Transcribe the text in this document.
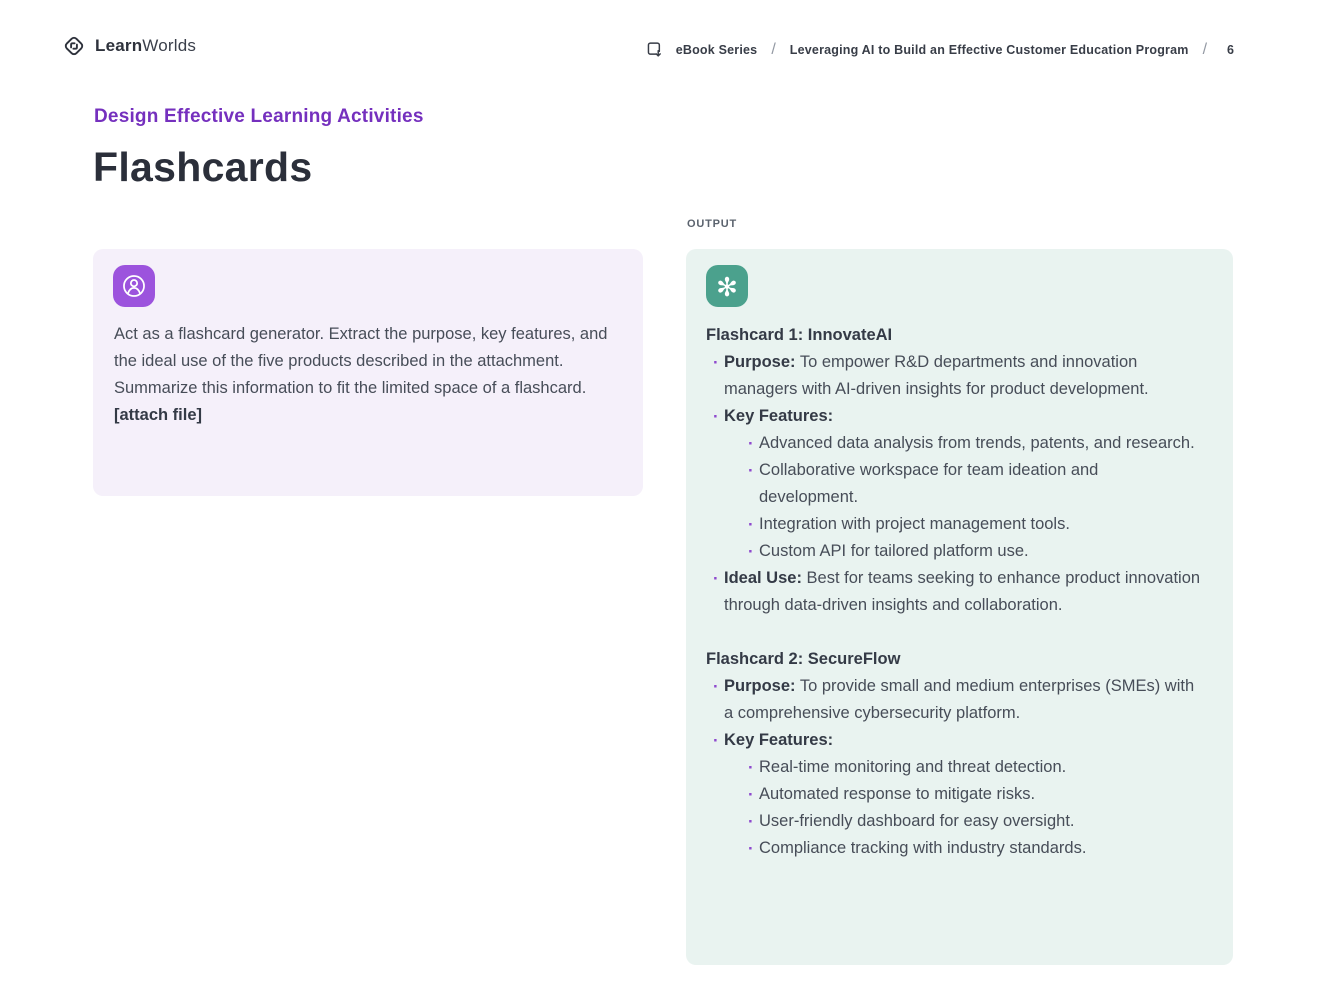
LearnWorlds	eBook Series /	Leveraging AI to Build an Effective Customer Education Program /	6
Design Effective Learning Activities
Flashcards

Act as a flashcard generator. Extract the purpose, key features, and the ideal use of the five products described in the attachment. Summarize this information to fit the limited space of a flashcard. [attach file]

OUTPUT
✻
Flashcard 1: InnovateAI
· Purpose: To empower R&D departments and innovation managers with AI-driven insights for product development.

· Key Features:

· Advanced data analysis from trends, patents, and research.

· Collaborative workspace for team ideation and development.

· Integration with project management tools.

· Custom API for tailored platform use.

· Ideal Use: Best for teams seeking to enhance product innovation through data-driven insights and collaboration.

Flashcard 2: SecureFlow
· Purpose: To provide small and medium enterprises (SMEs) with a comprehensive cybersecurity platform.

· Key Features:

· Real-time monitoring and threat detection.

· Automated response to mitigate risks.

· User-friendly dashboard for easy oversight.

· Compliance tracking with industry standards.
